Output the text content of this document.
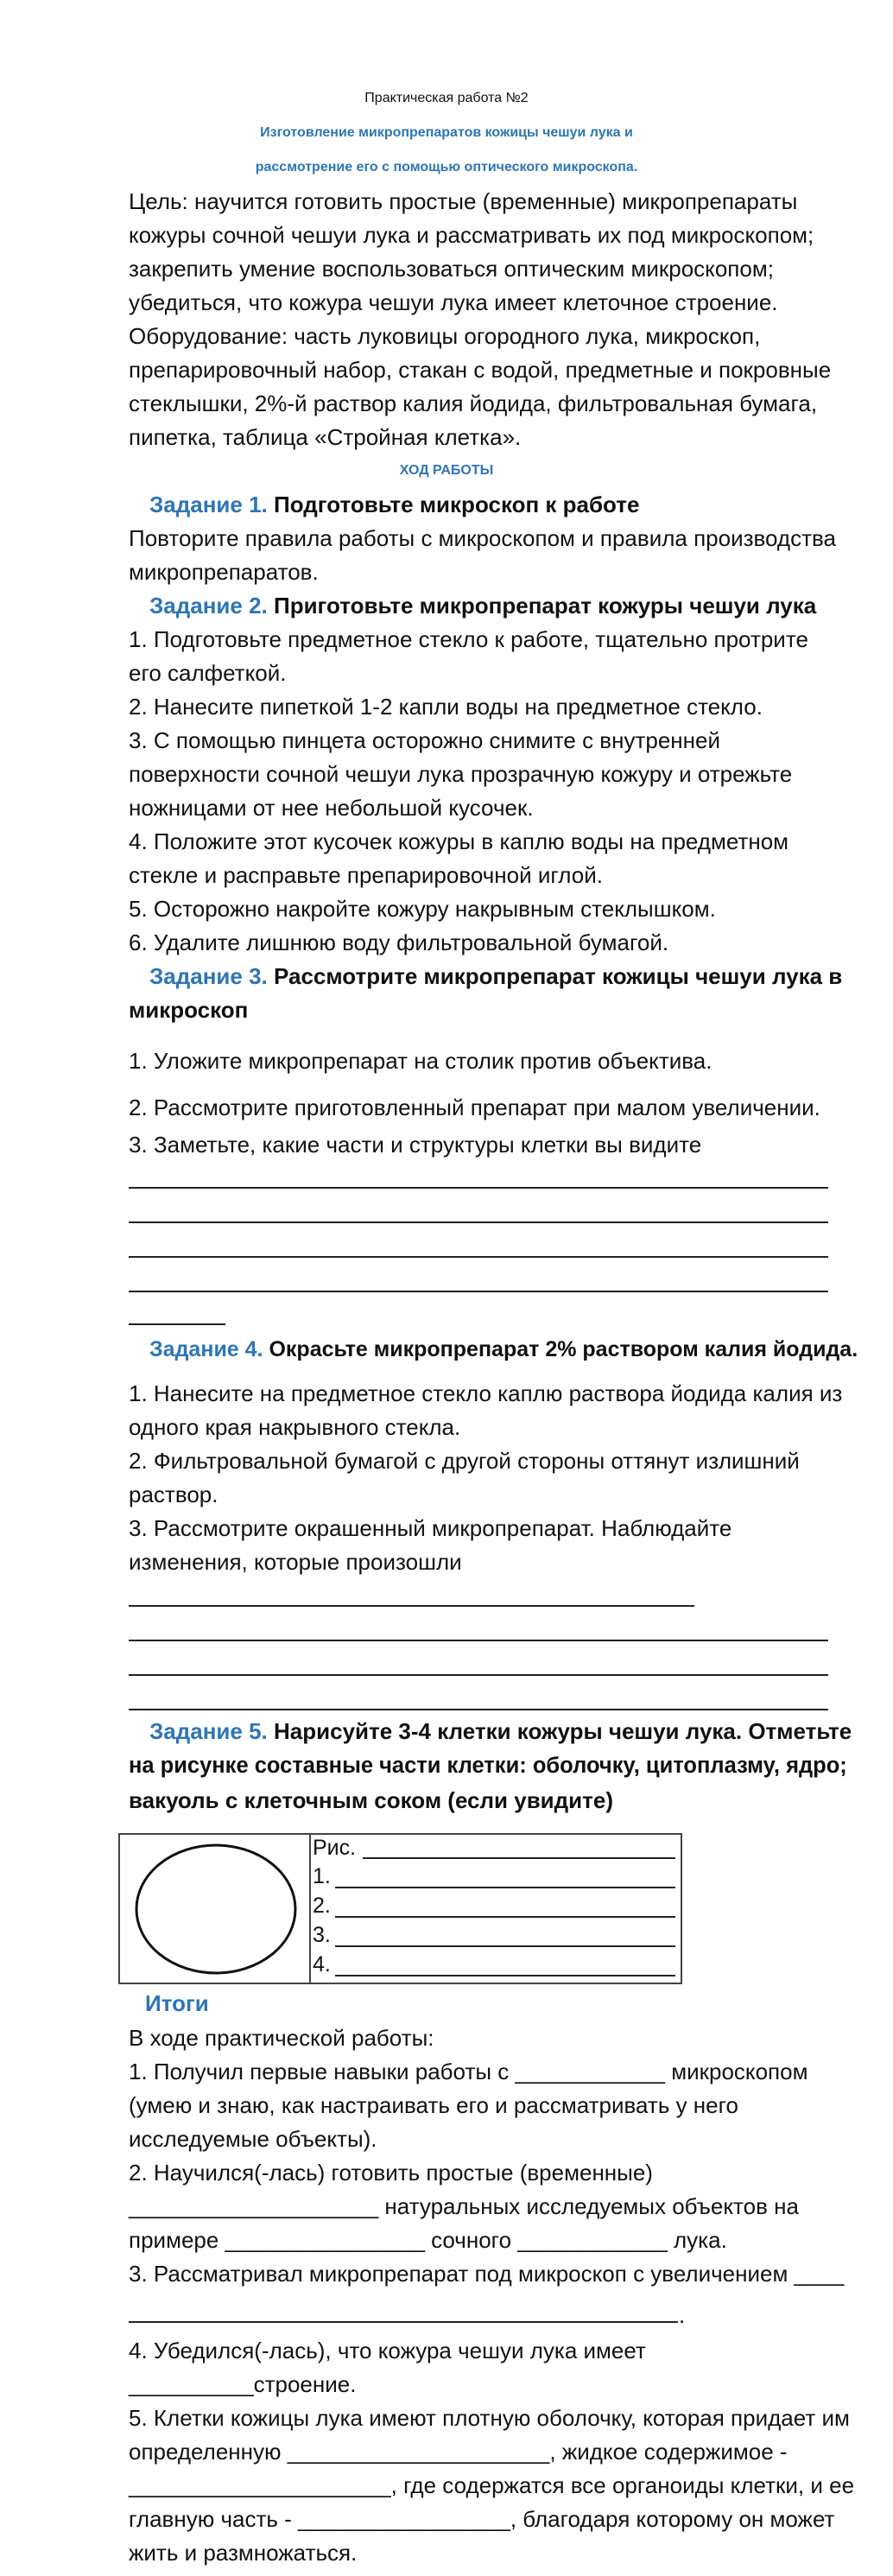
Практическая работа №2
Изготовление микропрепаратов кожицы чешуи лука и
рассмотрение его с помощью оптического микроскопа.
Цель: научится готовить простые (временные) микропрепараты
кожуры сочной чешуи лука и рассматривать их под микроскопом;
закрепить умение воспользоваться оптическим микроскопом;
убедиться, что кожура чешуи лука имеет клеточное строение.
Оборудование: часть луковицы огородного лука, микроскоп,
препарировочный набор, стакан с водой, предметные и покровные
стеклышки, 2%-й раствор калия йодида, фильтровальная бумага,
пипетка, таблица «Стройная клетка».
ХОД РАБОТЫ
Задание 1. Подготовьте микроскоп к работе
Повторите правила работы с микроскопом и правила производства
микропрепаратов.
Задание 2. Приготовьте микропрепарат кожуры чешуи лука
1. Подготовьте предметное стекло к работе, тщательно протрите
его салфеткой.
2. Нанесите пипеткой 1-2 капли воды на предметное стекло.
3. С помощью пинцета осторожно снимите с внутренней
поверхности сочной чешуи лука прозрачную кожуру и отрежьте
ножницами от нее небольшой кусочек.
4. Положите этот кусочек кожуры в каплю воды на предметном
стекле и расправьте препарировочной иглой.
5. Осторожно накройте кожуру накрывным стеклышком.
6. Удалите лишнюю воду фильтровальной бумагой.
Задание 3. Рассмотрите микропрепарат кожицы чешуи лука в
микроскоп
1. Уложите микропрепарат на столик против объектива.
2. Рассмотрите приготовленный препарат при малом увеличении.
3. Заметьте, какие части и структуры клетки вы видите
Задание 4. Окрасьте микропрепарат 2% раствором калия йодида.
1. Нанесите на предметное стекло каплю раствора йодида калия из
одного края накрывного стекла.
2. Фильтровальной бумагой с другой стороны оттянут излишний
раствор.
3. Рассмотрите окрашенный микропрепарат. Наблюдайте
изменения, которые произошли
Задание 5. Нарисуйте 3-4 клетки кожуры чешуи лука. Отметьте
на рисунке составные части клетки: оболочку, цитоплазму, ядро;
вакуоль с клеточным соком (если увидите)
Рис.
1.
2.
3.
4.
Итоги
В ходе практической работы:
1. Получил первые навыки работы с ____________ микроскопом
(умею и знаю, как настраивать его и рассматривать у него
исследуемые объекты).
2. Научился(-лась) готовить простые (временные)
____________________ натуральных исследуемых объектов на
примере ________________ сочного ____________ лука.
3. Рассматривал микропрепарат под микроскоп с увеличением ____
.
4. Убедился(-лась), что кожура чешуи лука имеет
__________строение.
5. Клетки кожицы лука имеют плотную оболочку, которая придает им
определенную _____________________, жидкое содержимое -
_____________________, где содержатся все органоиды клетки, и ее
главную часть - _________________, благодаря которому он может
жить и размножаться.
